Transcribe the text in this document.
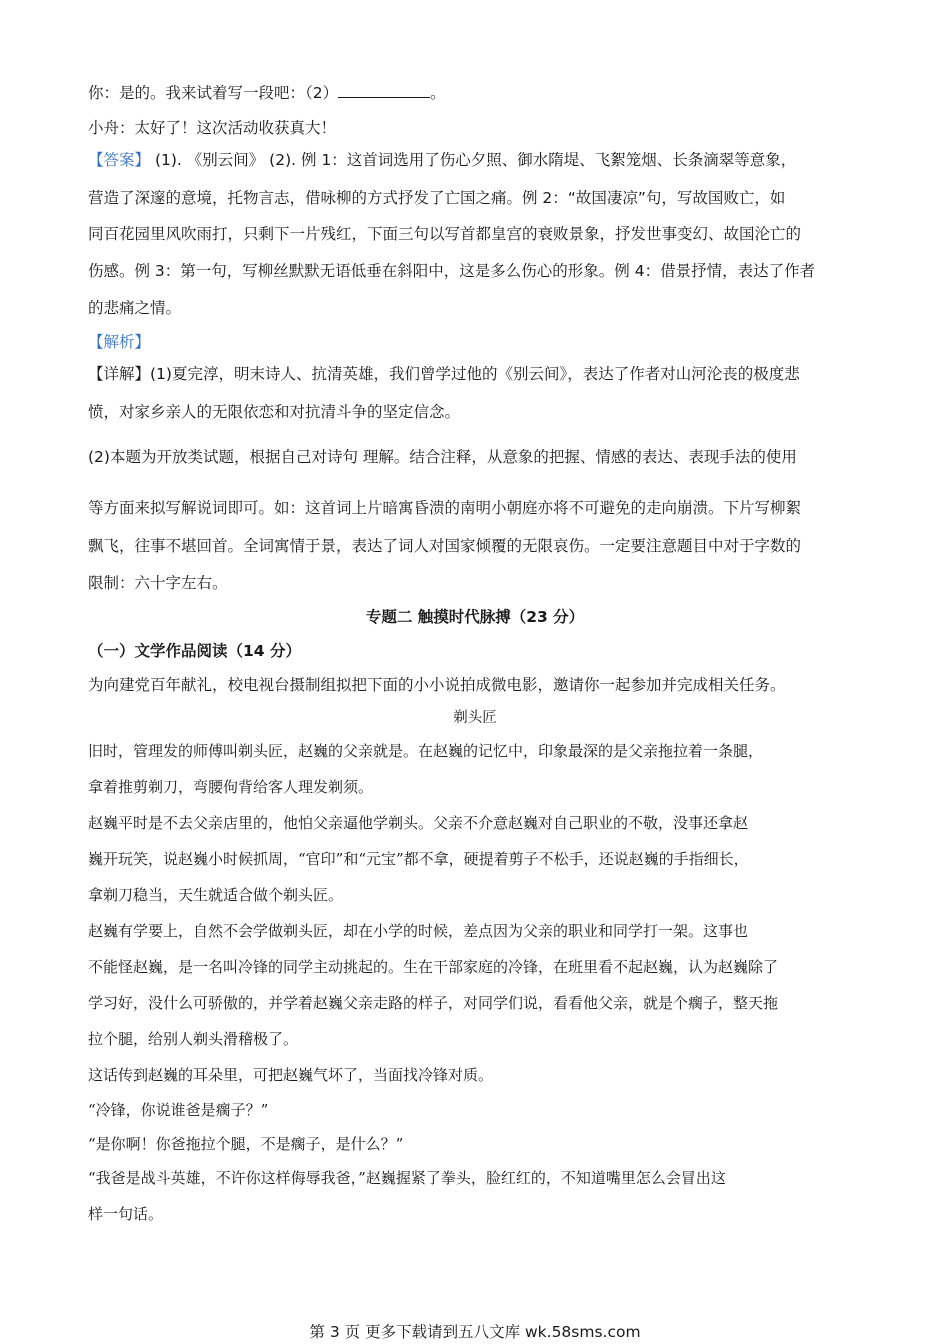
你：是的。我来试着写一段吧：（2）	。
小舟：太好了！这次活动收获真大！
【答案】 (1). 《别云间》 (2). 例 1：这首词选用了伤心夕照、御水隋堤、飞絮笼烟、长条滴翠等意象，
营造了深邃的意境，托物言志，借咏柳的方式抒发了亡国之痛。例 2：“故国凄凉”句，写故国败亡，如
同百花园里风吹雨打，只剩下一片残红，下面三句以写首都皇宫的衰败景象，抒发世事变幻、故国沦亡的
伤感。例 3：第一句，写柳丝默默无语低垂在斜阳中，这是多么伤心的形象。例 4：借景抒情，表达了作者
的悲痛之情。
【解析】
【详解】(1)夏完淳，明末诗人、抗清英雄，我们曾学过他的《别云间》，表达了作者对山河沦丧的极度悲
愤，对家乡亲人的无限依恋和对抗清斗争的坚定信念。
(2)本题为开放类试题，根据自己对诗句 理解。结合注释，从意象的把握、情感的表达、表现手法的使用
等方面来拟写解说词即可。如：这首词上片暗寓昏溃的南明小朝庭亦将不可避免的走向崩溃。下片写柳絮
飘飞，往事不堪回首。全词寓情于景，表达了词人对国家倾覆的无限哀伤。一定要注意题目中对于字数的
限制：六十字左右。
专题二 触摸时代脉搏（23 分）
（一）文学作品阅读（14 分）
为向建党百年献礼，校电视台摄制组拟把下面的小小说拍成微电影，邀请你一起参加并完成相关任务。
剃头匠
旧时，管理发的师傅叫剃头匠，赵巍的父亲就是。在赵巍的记忆中，印象最深的是父亲拖拉着一条腿，
拿着推剪剃刀，弯腰佝背给客人理发剃须。
赵巍平时是不去父亲店里的，他怕父亲逼他学剃头。父亲不介意赵巍对自己职业的不敬，没事还拿赵
巍开玩笑，说赵巍小时候抓周，“官印”和“元宝”都不拿，硬提着剪子不松手，还说赵巍的手指细长，
拿剃刀稳当，天生就适合做个剃头匠。
赵巍有学要上，自然不会学做剃头匠，却在小学的时候，差点因为父亲的职业和同学打一架。这事也
不能怪赵巍，是一名叫冷锋的同学主动挑起的。生在干部家庭的冷锋，在班里看不起赵巍，认为赵巍除了
学习好，没什么可骄傲的，并学着赵巍父亲走路的样子，对同学们说，看看他父亲，就是个瘸子，整天拖
拉个腿，给别人剃头滑稽极了。
这话传到赵巍的耳朵里，可把赵巍气坏了，当面找冷锋对质。
“冷锋，你说谁爸是瘸子？”
“是你啊！你爸拖拉个腿，不是瘸子，是什么？”
“我爸是战斗英雄，不许你这样侮辱我爸，”赵巍握紧了拳头，脸红红的，不知道嘴里怎么会冒出这
样一句话。
第 3 页 更多下载请到五八文库 wk.58sms.com
